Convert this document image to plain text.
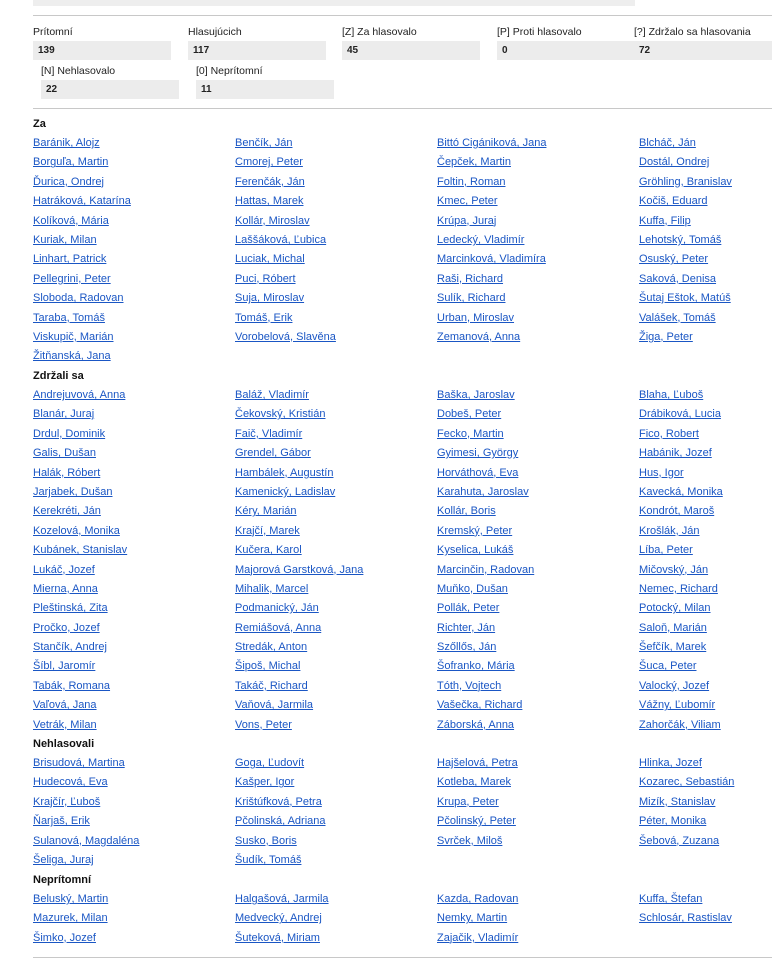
Prítomní
139
Hlasujúcich
117
[Z] Za hlasovalo
45
[P] Proti hlasovalo
0
[?] Zdržalo sa hlasovania
72
[N] Nehlasovalo
22
[0] Neprítomní
11
Za
Baránik, Alojz	Benčík, Ján	Bittó Cigániková, Jana	Blcháč, Ján
Borguľa, Martin	Cmorej, Peter	Čepček, Martin	Dostál, Ondrej
Ďurica, Ondrej	Ferenčák, Ján	Foltin, Roman	Gröhling, Branislav
Hatráková, Katarína	Hattas, Marek	Kmec, Peter	Kočiš, Eduard
Kolíková, Mária	Kollár, Miroslav	Krúpa, Juraj	Kuffa, Filip
Kuriak, Milan	Laššáková, Ľubica	Ledecký, Vladimír	Lehotský, Tomáš
Linhart, Patrick	Luciak, Michal	Marcinková, Vladimíra	Osuský, Peter
Pellegrini, Peter	Puci, Róbert	Raši, Richard	Saková, Denisa
Sloboda, Radovan	Suja, Miroslav	Sulík, Richard	Šutaj Eštok, Matúš
Taraba, Tomáš	Tomáš, Erik	Urban, Miroslav	Valášek, Tomáš
Viskupič, Marián	Vorobelová, Slavěna	Zemanová, Anna	Žiga, Peter
Žitňanská, Jana
Zdržali sa
Andrejuvová, Anna	Baláž, Vladimír	Baška, Jaroslav	Blaha, Ľuboš
Blanár, Juraj	Čekovský, Kristián	Dobeš, Peter	Drábiková, Lucia
Drdul, Dominik	Faič, Vladimír	Fecko, Martin	Fico, Robert
Galis, Dušan	Grendel, Gábor	Gyimesi, György	Habánik, Jozef
Halák, Róbert	Hambálek, Augustín	Horváthová, Eva	Hus, Igor
Jarjabek, Dušan	Kamenický, Ladislav	Karahuta, Jaroslav	Kavecká, Monika
Kerekréti, Ján	Kéry, Marián	Kollár, Boris	Kondrót, Maroš
Kozelová, Monika	Krajčí, Marek	Kremský, Peter	Krošlák, Ján
Kubánek, Stanislav	Kučera, Karol	Kyselica, Lukáš	Líba, Peter
Lukáč, Jozef	Majorová Garstková, Jana	Marcinčin, Radovan	Mičovský, Ján
Mierna, Anna	Mihalik, Marcel	Muňko, Dušan	Nemec, Richard
Pleštinská, Zita	Podmanický, Ján	Pollák, Peter	Potocký, Milan
Pročko, Jozef	Remiášová, Anna	Richter, Ján	Saloň, Marián
Stančík, Andrej	Stredák, Anton	Szőllős, Ján	Šefčík, Marek
Šíbl, Jaromír	Šipoš, Michal	Šofranko, Mária	Šuca, Peter
Tabák, Romana	Takáč, Richard	Tóth, Vojtech	Valocký, Jozef
Vaľová, Jana	Vaňová, Jarmila	Vašečka, Richard	Vážny, Ľubomír
Vetrák, Milan	Vons, Peter	Záborská, Anna	Zahorčák, Viliam
Nehlasovali
Brisudová, Martina	Goga, Ľudovít	Hajšelová, Petra	Hlinka, Jozef
Hudecová, Eva	Kašper, Igor	Kotleba, Marek	Kozarec, Sebastián
Krajčír, Ľuboš	Krištúfková, Petra	Krupa, Peter	Mizík, Stanislav
Ňarjaš, Erik	Pčolinská, Adriana	Pčolinský, Peter	Péter, Monika
Sulanová, Magdaléna	Susko, Boris	Svrček, Miloš	Šebová, Zuzana
Šeliga, Juraj	Šudík, Tomáš
Neprítomní
Beluský, Martin	Halgašová, Jarmila	Kazda, Radovan	Kuffa, Štefan
Mazurek, Milan	Medvecký, Andrej	Nemky, Martin	Schlosár, Rastislav
Šimko, Jozef	Šuteková, Miriam	Zajačik, Vladimír
